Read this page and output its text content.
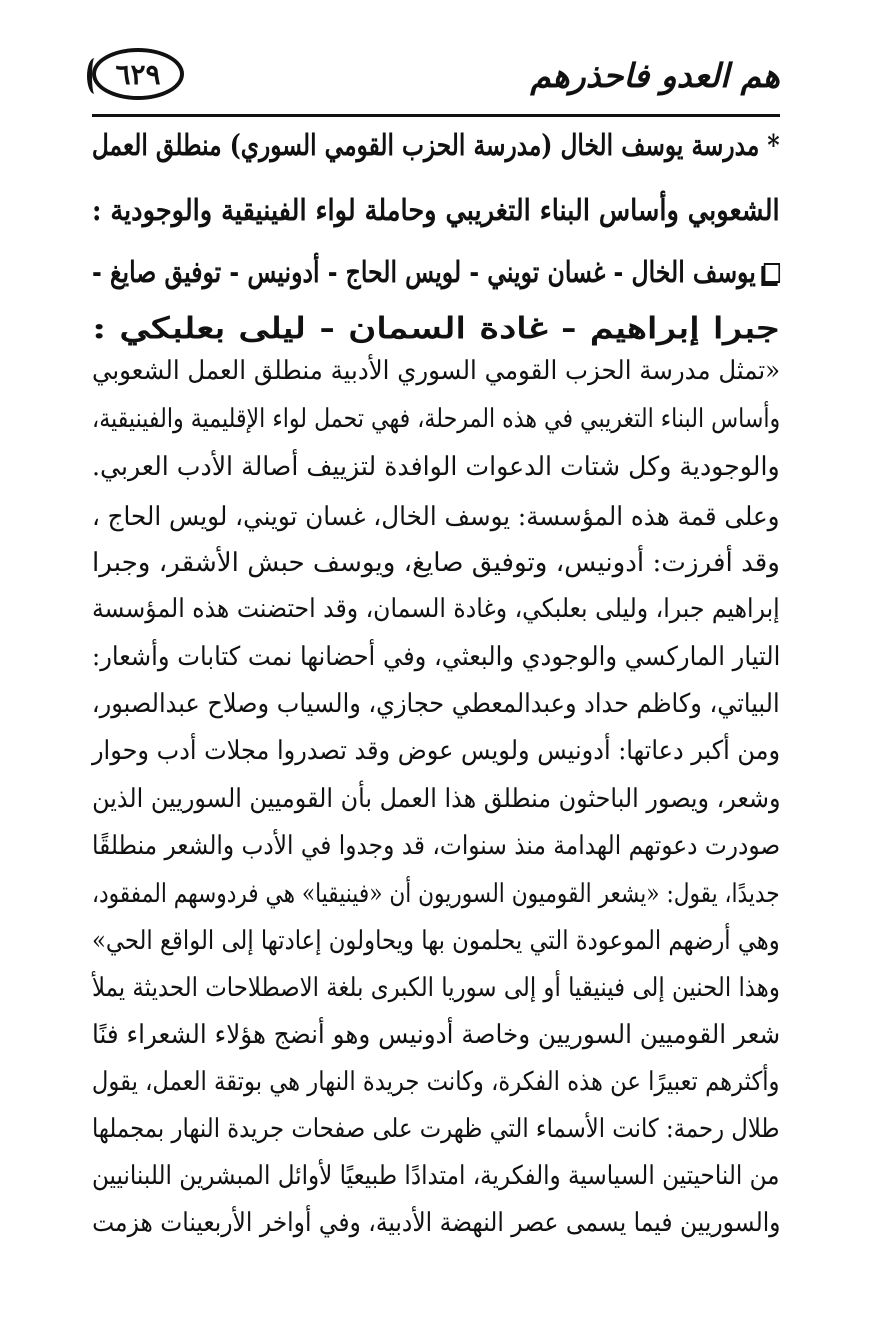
هم العدو فاحذرهم
٦٢٩
*مدرسة يوسف الخال (مدرسة الحزب القومي السوري) منطلق العمل
الشعوبي وأساس البناء التغريبي وحاملة لواء الفينيقية والوجودية :
يوسف الخال - غسان تويني - لويس الحاج - أدونيس - توفيق صايغ -
جبرا إبراهيم - غادة السمان - ليلى بعلبكي :
«تمثل مدرسة الحزب القومي السوري الأدبية منطلق العمل الشعوبي
وأساس البناء التغريبي في هذه المرحلة، فهي تحمل لواء الإقليمية والفينيقية،
والوجودية وكل شتات الدعوات الوافدة لتزييف أصالة الأدب العربي.
وعلى قمة هذه المؤسسة: يوسف الخال، غسان تويني، لويس الحاج ،
وقد أفرزت: أدونيس، وتوفيق صايغ، ويوسف حبش الأشقر، وجبرا
إبراهيم جبرا، وليلى بعلبكي، وغادة السمان، وقد احتضنت هذه المؤسسة
التيار الماركسي والوجودي والبعثي، وفي أحضانها نمت كتابات وأشعار:
البياتي، وكاظم حداد وعبدالمعطي حجازي، والسياب وصلاح عبدالصبور،
ومن أكبر دعاتها: أدونيس ولويس عوض وقد تصدروا مجلات أدب وحوار
وشعر، ويصور الباحثون منطلق هذا العمل بأن القوميين السوريين الذين
صودرت دعوتهم الهدامة منذ سنوات، قد وجدوا في الأدب والشعر منطلقًا
جديدًا، يقول: «يشعر القوميون السوريون أن «فينيقيا» هي فردوسهم المفقود،
وهي أرضهم الموعودة التي يحلمون بها ويحاولون إعادتها إلى الواقع الحي»
وهذا الحنين إلى فينيقيا أو إلى سوريا الكبرى بلغة الاصطلاحات الحديثة يملأ
شعر القوميين السوريين وخاصة أدونيس وهو أنضج هؤلاء الشعراء فنًا
وأكثرهم تعبيرًا عن هذه الفكرة، وكانت جريدة النهار هي بوتقة العمل، يقول
طلال رحمة: كانت الأسماء التي ظهرت على صفحات جريدة النهار بمجملها
من الناحيتين السياسية والفكرية، امتدادًا طبيعيًا لأوائل المبشرين اللبنانيين
والسوريين فيما يسمى عصر النهضة الأدبية، وفي أواخر الأربعينات هزمت
